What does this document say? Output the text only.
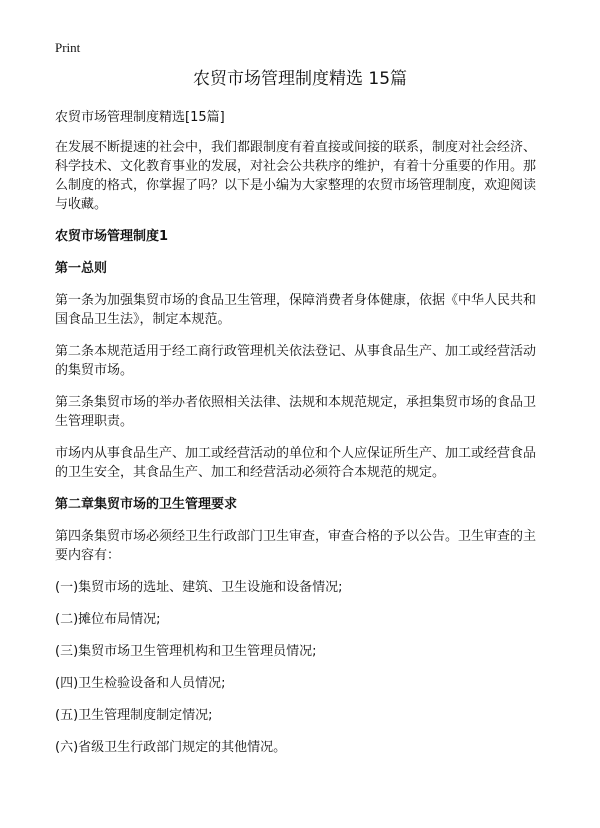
Print
农贸市场管理制度精选 15篇

农贸市场管理制度精选[15篇]

在发展不断提速的社会中，我们都跟制度有着直接或间接的联系，制度对社会经济、科学技术、文化教育事业的发展，对社会公共秩序的维护，有着十分重要的作用。那么制度的格式，你掌握了吗？以下是小编为大家整理的农贸市场管理制度，欢迎阅读与收藏。

农贸市场管理制度1

第一总则

第一条为加强集贸市场的食品卫生管理，保障消费者身体健康，依据《中华人民共和国食品卫生法》，制定本规范。

第二条本规范适用于经工商行政管理机关依法登记、从事食品生产、加工或经营活动的集贸市场。

第三条集贸市场的举办者依照相关法律、法规和本规范规定，承担集贸市场的食品卫生管理职责。

市场内从事食品生产、加工或经营活动的单位和个人应保证所生产、加工或经营食品的卫生安全，其食品生产、加工和经营活动必须符合本规范的规定。

第二章集贸市场的卫生管理要求

第四条集贸市场必须经卫生行政部门卫生审查，审查合格的予以公告。卫生审查的主要内容有：

(一)集贸市场的选址、建筑、卫生设施和设备情况;

(二)摊位布局情况;

(三)集贸市场卫生管理机构和卫生管理员情况;

(四)卫生检验设备和人员情况;

(五)卫生管理制度制定情况;

(六)省级卫生行政部门规定的其他情况。
